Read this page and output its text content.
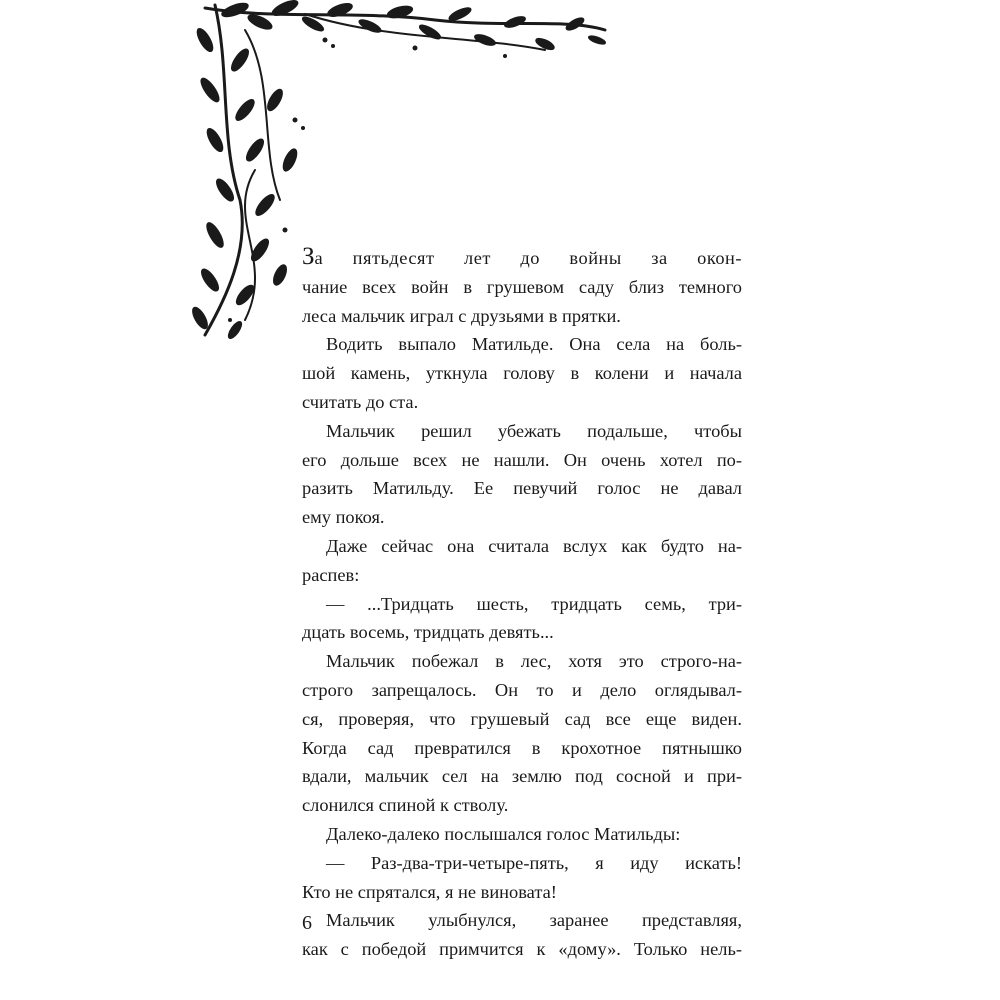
За пятьдесят лет до войны за окон-
чание всех войн в грушевом саду близ темного
леса мальчик играл с друзьями в прятки.
Водить выпало Матильде. Она села на боль-
шой камень, уткнула голову в колени и начала
считать до ста.
Мальчик решил убежать подальше, чтобы
его дольше всех не нашли. Он очень хотел по-
разить Матильду. Ее певучий голос не давал
ему покоя.
Даже сейчас она считала вслух как будто на-
распев:
— ...Тридцать шесть, тридцать семь, три-
дцать восемь, тридцать девять...
Мальчик побежал в лес, хотя это строго-на-
строго запрещалось. Он то и дело оглядывал-
ся, проверяя, что грушевый сад все еще виден.
Когда сад превратился в крохотное пятнышко
вдали, мальчик сел на землю под сосной и при-
слонился спиной к стволу.
Далеко-далеко послышался голос Матильды:
— Раз-два-три-четыре-пять, я иду искать!
Кто не спрятался, я не виновата!
Мальчик улыбнулся, заранее представляя,
как с победой примчится к «дому». Только нель-
6
